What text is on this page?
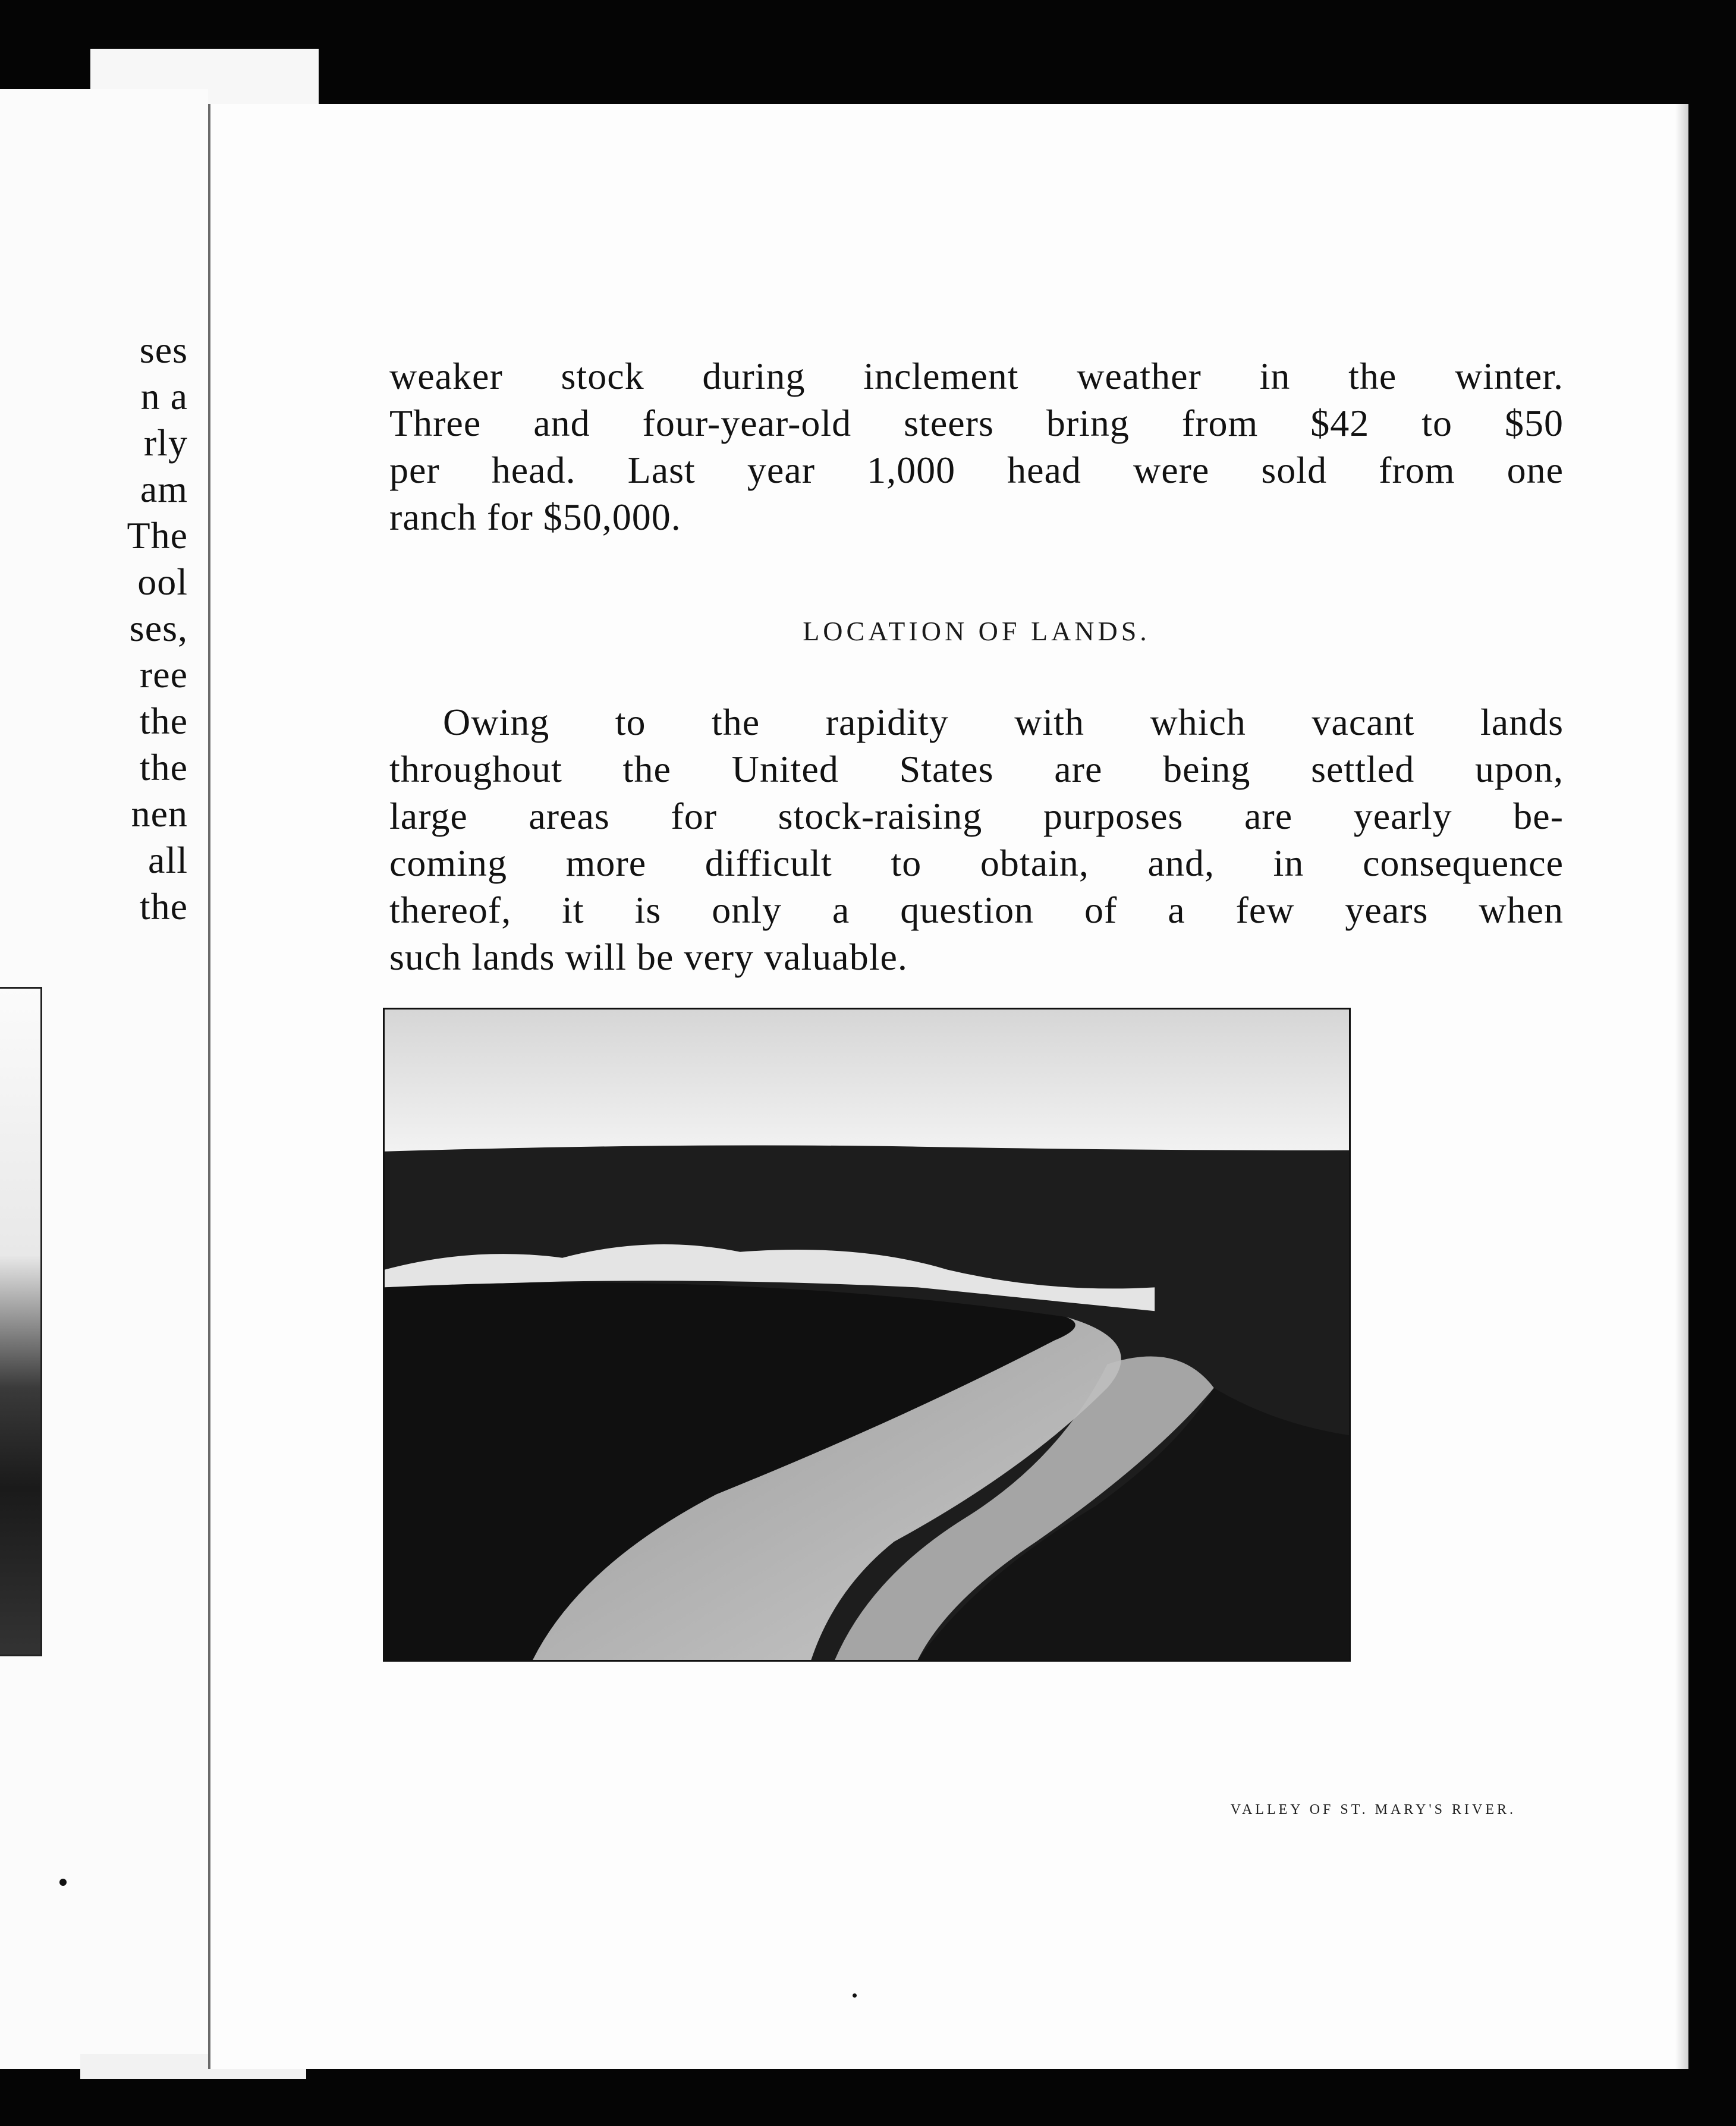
ses
n a
rly
am
The
ool
ses,
ree
the
the
nen
all
the

weaker stock during inclement weather in the winter.
Three and four-year-old steers bring from $42 to $50
per head. Last year 1,000 head were sold from one
ranch for $50,000.

LOCATION OF LANDS.

Owing to the rapidity with which vacant lands
throughout the United States are being settled upon,
large areas for stock-raising purposes are yearly be-
coming more difficult to obtain, and, in consequence
thereof, it is only a question of a few years when
such lands will be very valuable.

VALLEY OF ST. MARY'S RIVER.
